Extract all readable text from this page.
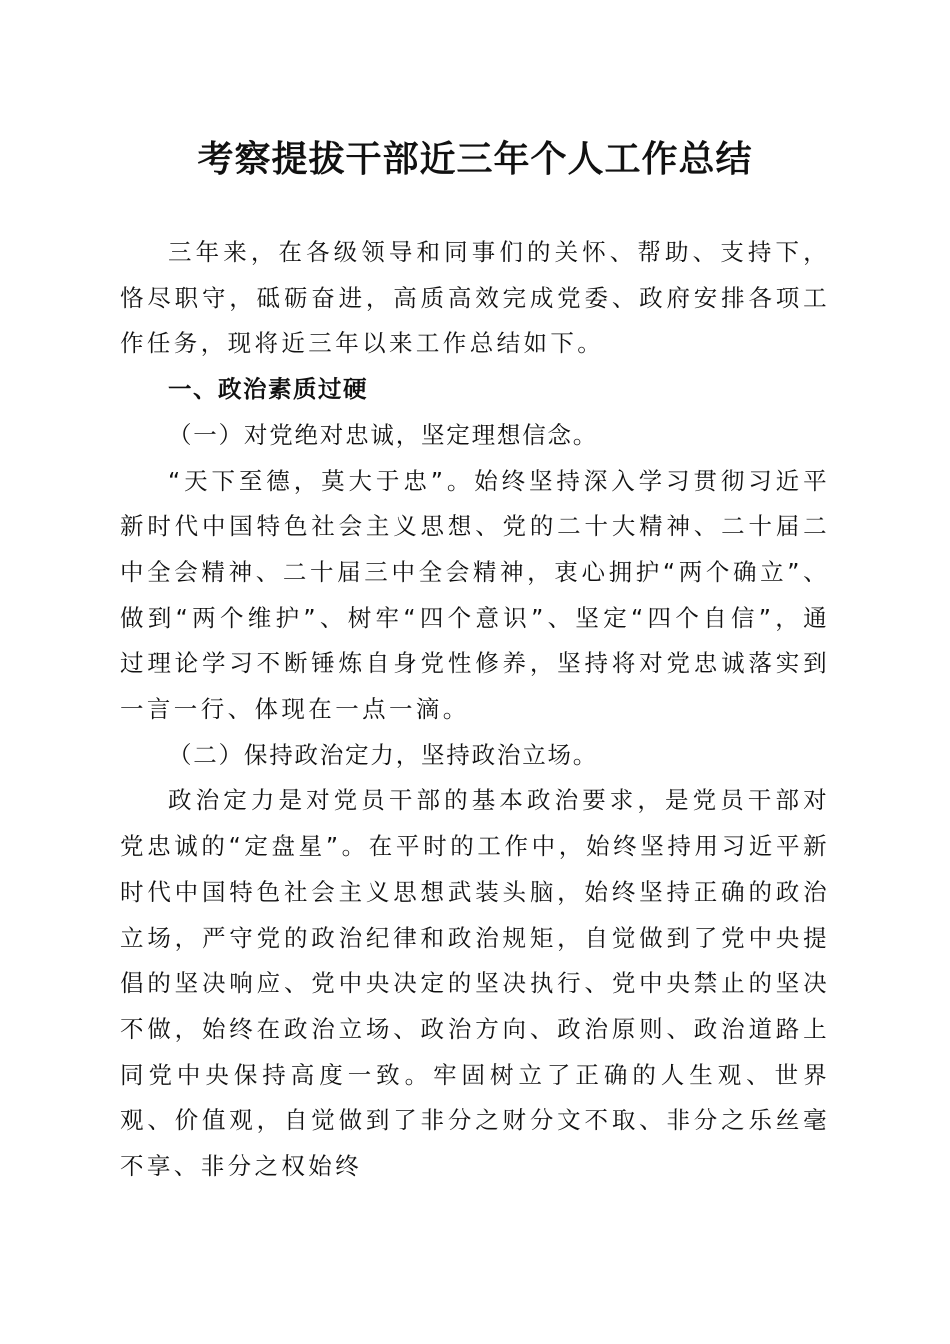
考察提拔干部近三年个人工作总结

三年来，在各级领导和同事们的关怀、帮助、支持下，恪尽职守，砥砺奋进，高质高效完成党委、政府安排各项工作任务，现将近三年以来工作总结如下。

一、政治素质过硬

（一）对党绝对忠诚，坚定理想信念。

“天下至德，莫大于忠”。始终坚持深入学习贯彻习近平新时代中国特色社会主义思想、党的二十大精神、二十届二中全会精神、二十届三中全会精神，衷心拥护“两个确立”、做到“两个维护”、树牢“四个意识”、坚定“四个自信”，通过理论学习不断锤炼自身党性修养，坚持将对党忠诚落实到一言一行、体现在一点一滴。

（二）保持政治定力，坚持政治立场。

政治定力是对党员干部的基本政治要求，是党员干部对党忠诚的“定盘星”。在平时的工作中，始终坚持用习近平新时代中国特色社会主义思想武装头脑，始终坚持正确的政治立场，严守党的政治纪律和政治规矩，自觉做到了党中央提倡的坚决响应、党中央决定的坚决执行、党中央禁止的坚决不做，始终在政治立场、政治方向、政治原则、政治道路上同党中央保持高度一致。牢固树立了正确的人生观、世界观、价值观，自觉做到了非分之财分文不取、非分之乐丝毫不享、非分之权始终
